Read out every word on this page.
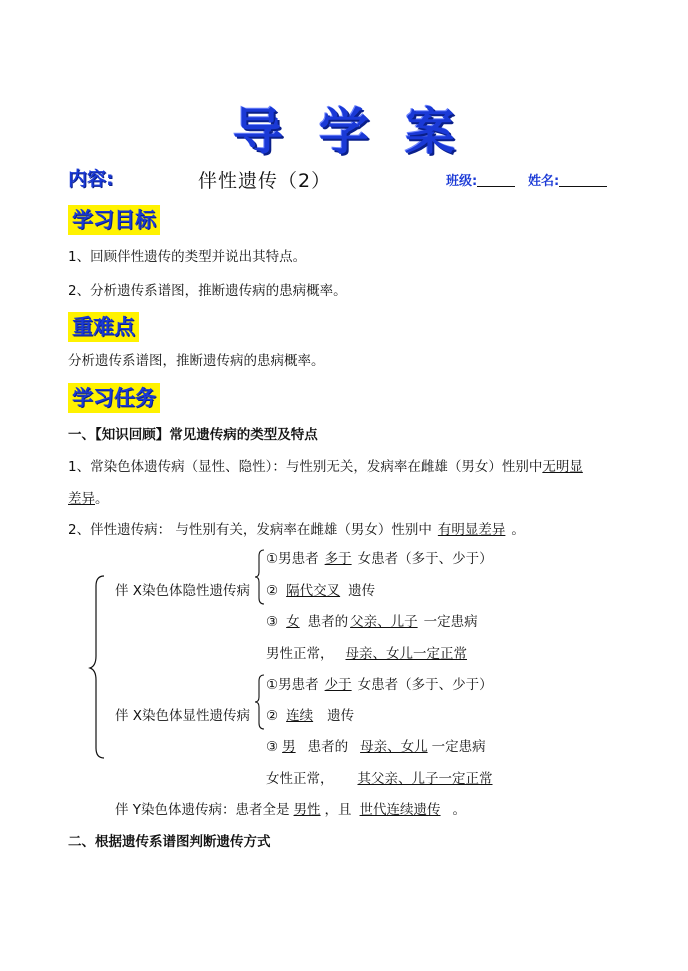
导 学 案
内容:	伴性遗传（2）	班级:	姓名:
学习目标
1、回顾伴性遗传的类型并说出其特点。
2、分析遗传系谱图，推断遗传病的患病概率。
重难点
分析遗传系谱图，推断遗传病的患病概率。
学习任务
一、【知识回顾】常见遗传病的类型及特点
1、常染色体遗传病（显性、隐性）：与性别无关，发病率在雌雄（男女）性别中无明显
差异。
2、伴性遗传病： 与性别有关，发病率在雌雄（男女）性别中 有明显差异 。
伴 X染色体隐性遗传病
①男患者 多于 女患者（多于、少于）
② 隔代交叉 遗传
③ 女 患者的 父亲、儿子 一定患病
男性正常， 母亲、女儿一定正常
伴 X染色体显性遗传病
①男患者 少于 女患者（多于、少于）
② 连续 遗传
③ 男 患者的 母亲、女儿 一定患病
女性正常， 其父亲、儿子一定正常
伴 Y染色体遗传病：患者全是 男性 ，且 世代连续遗传 。
二、根据遗传系谱图判断遗传方式
